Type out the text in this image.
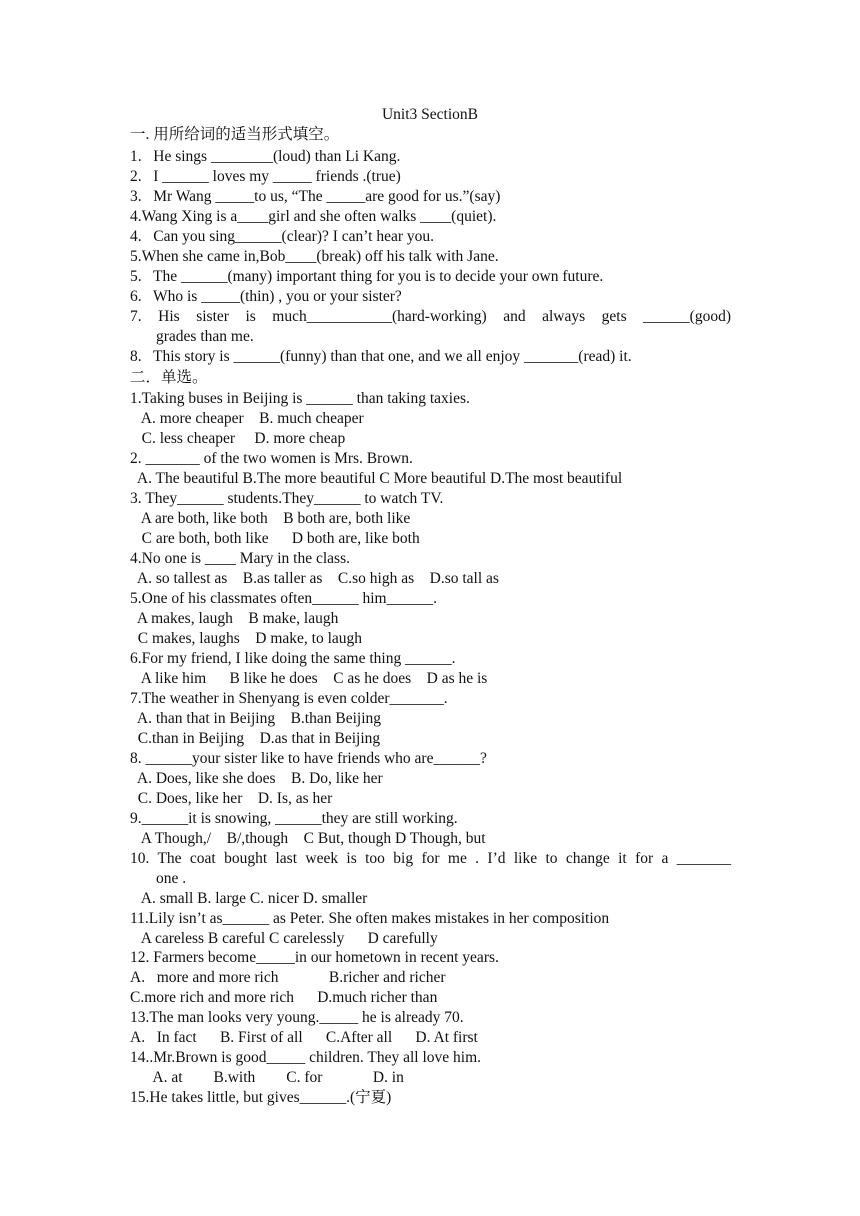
Unit3 SectionB
一. 用所给词的适当形式填空。
1.   He sings ________(loud) than Li Kang.
2.   I ______ loves my _____ friends .(true)
3.   Mr Wang _____to us, “The _____are good for us.”(say)
4.Wang Xing is a____girl and she often walks ____(quiet).
4.   Can you sing______(clear)? I can’t hear you.
5.When she came in,Bob____(break) off his talk with Jane.
5.   The ______(many) important thing for you is to decide your own future.
6.   Who is _____(thin) , you or your sister?
7. His sister is much___________(hard-working) and always gets ______(good)
grades than me.
8.   This story is ______(funny) than that one, and we all enjoy _______(read) it.
二．单选。
1.Taking buses in Beijing is ______ than taking taxies.
A. more cheaper    B. much cheaper
C. less cheaper     D. more cheap
2. _______ of the two women is Mrs. Brown.
A. The beautiful B.The more beautiful C More beautiful D.The most beautiful
3. They______ students.They______ to watch TV.
A are both, like both    B both are, both like
C are both, both like      D both are, like both
4.No one is ____ Mary in the class.
A. so tallest as    B.as taller as    C.so high as    D.so tall as
5.One of his classmates often______ him______.
A makes, laugh    B make, laugh
C makes, laughs    D make, to laugh
6.For my friend, I like doing the same thing ______.
A like him      B like he does    C as he does    D as he is
7.The weather in Shenyang is even colder_______.
A. than that in Beijing    B.than Beijing
C.than in Beijing    D.as that in Beijing
8. ______your sister like to have friends who are______?
A. Does, like she does    B. Do, like her
C. Does, like her    D. Is, as her
9.______it is snowing, ______they are still working.
A Though,/    B/,though    C But, though D Though, but
10. The coat bought last week is too big for me . I’d like to change it for a _______
one .
A. small B. large C. nicer D. smaller
11.Lily isn’t as______ as Peter. She often makes mistakes in her composition
A careless B careful C carelessly      D carefully
12. Farmers become_____in our hometown in recent years.
A.   more and more rich             B.richer and richer
C.more rich and more rich      D.much richer than
13.The man looks very young._____ he is already 70.
A.   In fact      B. First of all      C.After all      D. At first
14..Mr.Brown is good_____ children. They all love him.
A. at        B.with        C. for             D. in
15.He takes little, but gives______.(宁夏)
